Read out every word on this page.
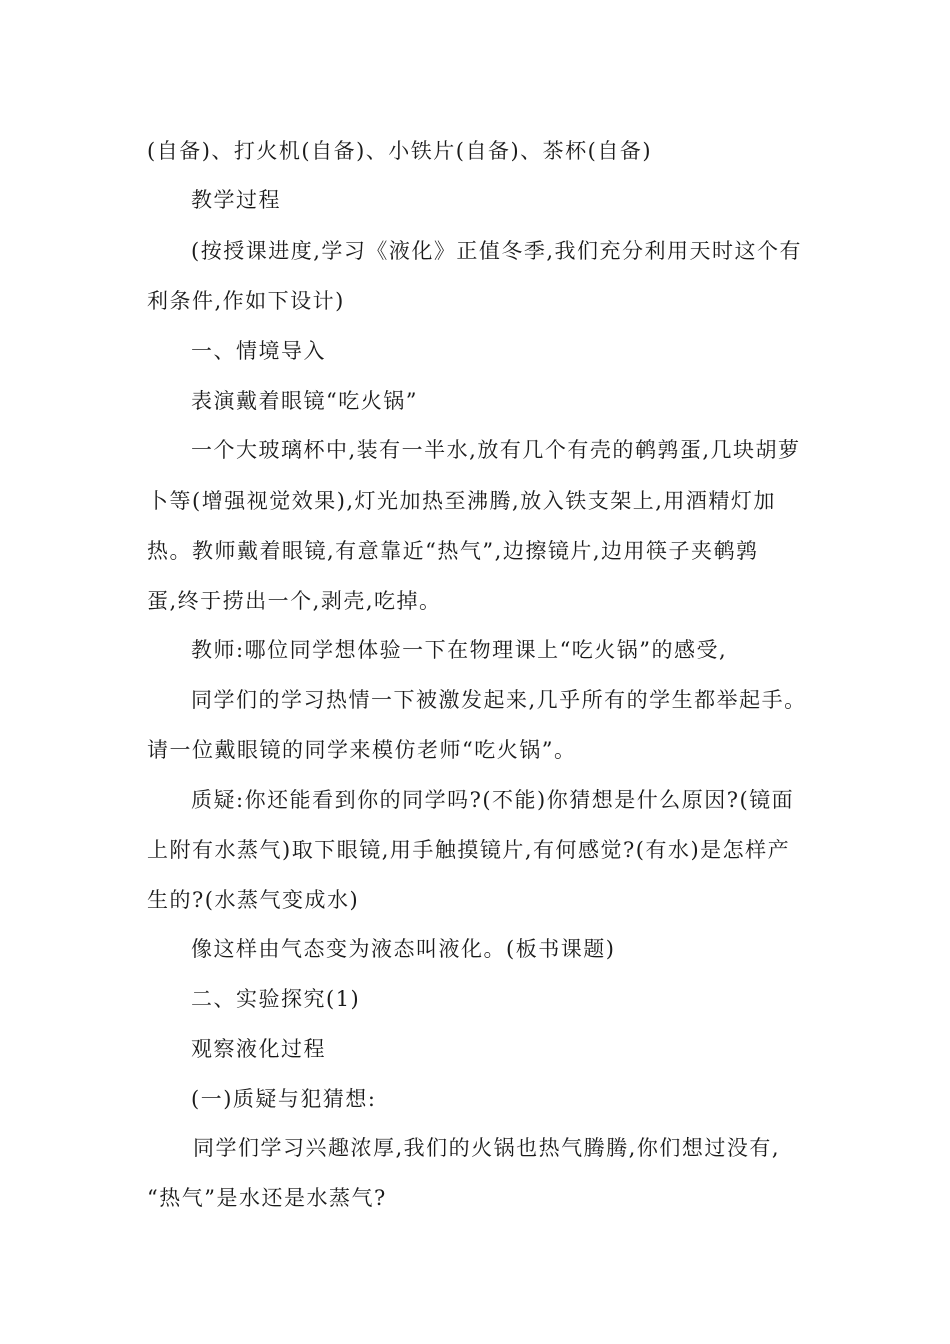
(自备)、打火机(自备)、小铁片(自备)、茶杯(自备)
教学过程
(按授课进度,学习《液化》正值冬季,我们充分利用天时这个有
利条件,作如下设计)
一、情境导入
表演戴着眼镜“吃火锅”
一个大玻璃杯中,装有一半水,放有几个有壳的鹌鹑蛋,几块胡萝
卜等(增强视觉效果),灯光加热至沸腾,放入铁支架上,用酒精灯加
热。教师戴着眼镜,有意靠近“热气”,边擦镜片,边用筷子夹鹌鹑
蛋,终于捞出一个,剥壳,吃掉。
教师:哪位同学想体验一下在物理课上“吃火锅”的感受,
同学们的学习热情一下被激发起来,几乎所有的学生都举起手。
请一位戴眼镜的同学来模仿老师“吃火锅”。
质疑:你还能看到你的同学吗?(不能)你猜想是什么原因?(镜面
上附有水蒸气)取下眼镜,用手触摸镜片,有何感觉?(有水)是怎样产
生的?(水蒸气变成水)
像这样由气态变为液态叫液化。(板书课题)
二、实验探究(1)
观察液化过程
(一)质疑与犯猜想:
同学们学习兴趣浓厚,我们的火锅也热气腾腾,你们想过没有,
“热气”是水还是水蒸气?
